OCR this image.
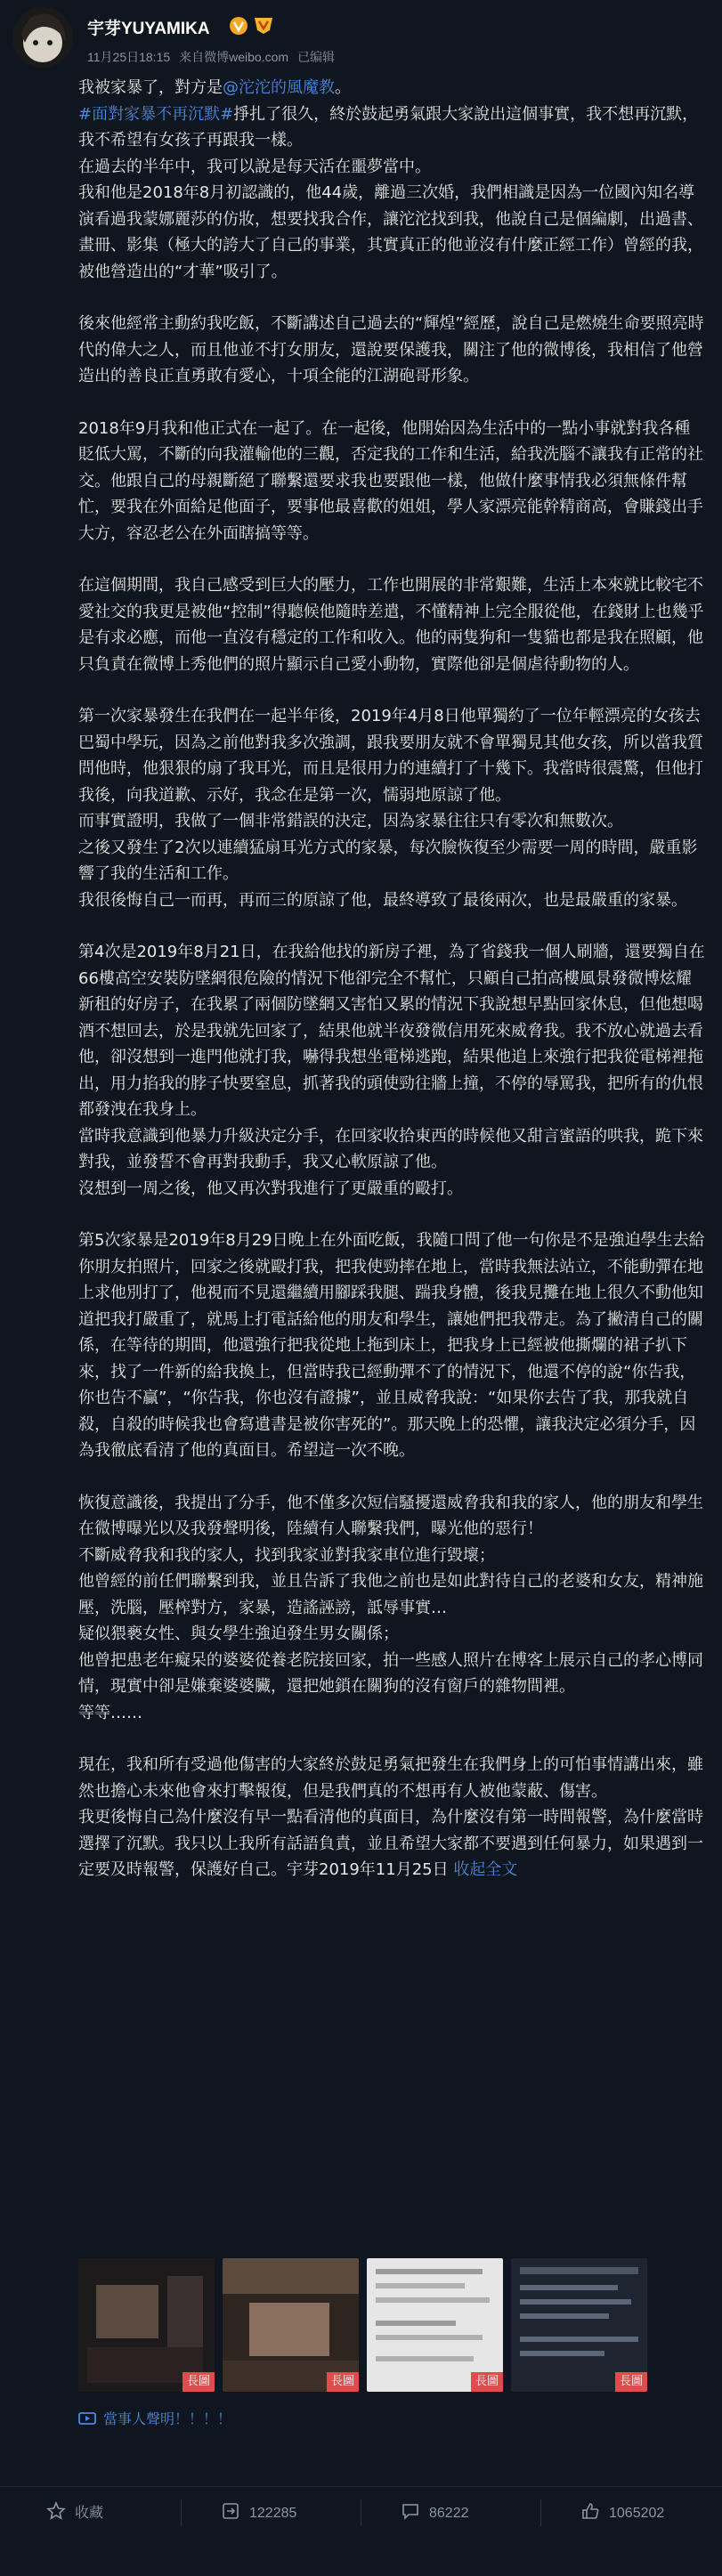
宇芽YUYAMIKA
11月25日18:15 来自微博weibo.com 已编辑

我被家暴了，對方是@沱沱的風魔教。

#面對家暴不再沉默#掙扎了很久，終於鼓起勇氣跟大家說出這個事實，我不想再沉默，我不希望有女孩子再跟我一樣。

在過去的半年中，我可以說是每天活在噩夢當中。

我和他是2018年8月初認識的，他44歲，離過三次婚，我們相識是因為一位國內知名導演看過我蒙娜麗莎的仿妝，想要找我合作，讓沱沱找到我，他說自己是個編劇，出過書、畫冊、影集（極大的誇大了自己的事業，其實真正的他並沒有什麼正經工作）曾經的我，被他營造出的“才華”吸引了。

後來他經常主動約我吃飯，不斷講述自己過去的“輝煌”經歷，說自己是燃燒生命要照亮時代的偉大之人，而且他並不打女朋友，還說要保護我，關注了他的微博後，我相信了他營造出的善良正直勇敢有愛心，十項全能的江湖砲哥形象。

2018年9月我和他正式在一起了。在一起後，他開始因為生活中的一點小事就對我各種貶低大罵，不斷的向我灌輸他的三觀，否定我的工作和生活，給我洗腦不讓我有正常的社交。他跟自己的母親斷絕了聯繫還要求我也要跟他一樣，他做什麼事情我必須無條件幫忙，要我在外面給足他面子，要事他最喜歡的姐姐，學人家漂亮能幹精商高，會賺錢出手大方，容忍老公在外面瞎搞等等。

在這個期間，我自己感受到巨大的壓力，工作也開展的非常艱難，生活上本來就比較宅不愛社交的我更是被他“控制”得聽候他隨時差遣，不懂精神上完全服從他，在錢財上也幾乎是有求必應，而他一直沒有穩定的工作和收入。他的兩隻狗和一隻貓也都是我在照顧，他只負責在微博上秀他們的照片顯示自己愛小動物，實際他卻是個虐待動物的人。

第一次家暴發生在我們在一起半年後，2019年4月8日他單獨約了一位年輕漂亮的女孩去巴蜀中學玩，因為之前他對我多次強調，跟我要朋友就不會單獨見其他女孩，所以當我質問他時，他狠狠的扇了我耳光，而且是很用力的連續打了十幾下。我當時很震驚，但他打我後，向我道歉、示好，我念在是第一次，懦弱地原諒了他。

而事實證明，我做了一個非常錯誤的決定，因為家暴往往只有零次和無數次。

之後又發生了2次以連續猛扇耳光方式的家暴，每次臉恢復至少需要一周的時間，嚴重影響了我的生活和工作。

我很後悔自己一而再，再而三的原諒了他，最終導致了最後兩次，也是最嚴重的家暴。

第4次是2019年8月21日，在我給他找的新房子裡，為了省錢我一個人刷牆，還要獨自在66樓高空安裝防墜網很危險的情況下他卻完全不幫忙，只顧自己拍高樓風景發微博炫耀新租的好房子，在我累了兩個防墜網又害怕又累的情況下我說想早點回家休息，但他想喝酒不想回去，於是我就先回家了，結果他就半夜發微信用死來威脅我。我不放心就過去看他，卻沒想到一進門他就打我，嚇得我想坐電梯逃跑，結果他追上來強行把我從電梯裡拖出，用力掐我的脖子快要窒息，抓著我的頭使勁往牆上撞，不停的辱罵我，把所有的仇恨都發洩在我身上。

當時我意識到他暴力升級決定分手，在回家收拾東西的時候他又甜言蜜語的哄我，跪下來對我，並發誓不會再對我動手，我又心軟原諒了他。

沒想到一周之後，他又再次對我進行了更嚴重的毆打。

第5次家暴是2019年8月29日晚上在外面吃飯，我隨口問了他一句你是不是強迫學生去給你朋友拍照片，回家之後就毆打我，把我使勁摔在地上，當時我無法站立，不能動彈在地上求他別打了，他視而不見還繼續用腳踩我腿、踹我身體，後我見攤在地上很久不動他知道把我打嚴重了，就馬上打電話給他的朋友和學生，讓她們把我帶走。為了撇清自己的關係，在等待的期間，他還強行把我從地上拖到床上，把我身上已經被他撕爛的裙子扒下來，找了一件新的給我換上，但當時我已經動彈不了的情況下，他還不停的說“你告我，你也告不贏”，“你告我，你也沒有證據”，並且威脅我說：“如果你去告了我，那我就自殺，自殺的時候我也會寫遺書是被你害死的”。那天晚上的恐懼，讓我決定必須分手，因為我徹底看清了他的真面目。希望這一次不晚。

恢復意識後，我提出了分手，他不僅多次短信騷擾還威脅我和我的家人，他的朋友和學生在微博曝光以及我發聲明後，陸續有人聯繫我們，曝光他的惡行！

不斷威脅我和我的家人，找到我家並對我家車位進行毀壞；

他曾經的前任們聯繫到我，並且告訴了我他之前也是如此對待自己的老婆和女友，精神施壓，洗腦，壓榨對方，家暴，造謠誣謗，詆辱事實…

疑似猥褻女性、與女學生強迫發生男女關係；

他曾把患老年癡呆的婆婆從養老院接回家，拍一些感人照片在博客上展示自己的孝心博同情，現實中卻是嫌棄婆婆臟，還把她鎖在關狗的沒有窗戶的雜物間裡。

等等……

現在，我和所有受過他傷害的大家終於鼓足勇氣把發生在我們身上的可怕事情講出來，雖然也擔心未來他會來打擊報復，但是我們真的不想再有人被他蒙蔽、傷害。

我更後悔自己為什麼沒有早一點看清他的真面目，為什麼沒有第一時間報警，為什麼當時選擇了沉默。我只以上我所有話語負責，並且希望大家都不要遇到任何暴力，如果遇到一定要及時報警，保護好自己。宇芽2019年11月25日 收起全文

長圖	長圖	長圖	長圖
當事人聲明！！！！
收藏	122285	86222	1065202
